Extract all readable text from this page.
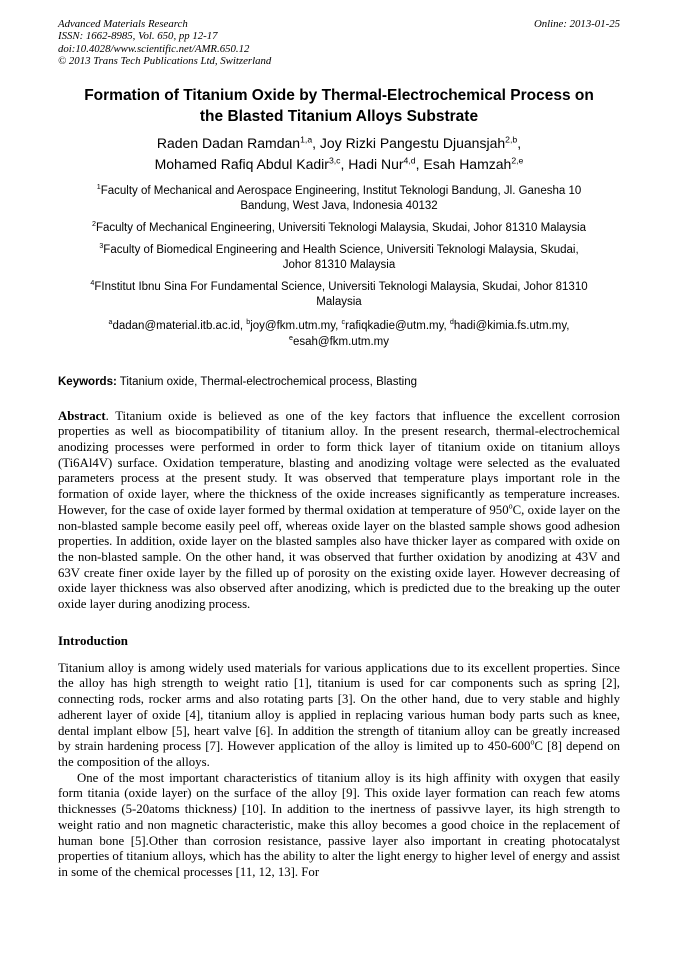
Advanced Materials Research
ISSN: 1662-8985, Vol. 650, pp 12-17
doi:10.4028/www.scientific.net/AMR.650.12
© 2013 Trans Tech Publications Ltd, Switzerland
Online: 2013-01-25
Formation of Titanium Oxide by Thermal-Electrochemical Process on
the Blasted Titanium Alloys Substrate
Raden Dadan Ramdan$^{1,a}$, Joy Rizki Pangestu Djuansjah$^{2,b}$,
Mohamed Rafiq Abdul Kadir$^{3,c}$, Hadi Nur$^{4,d}$, Esah Hamzah$^{2,e}$
$^1$Faculty of Mechanical and Aerospace Engineering, Institut Teknologi Bandung, Jl. Ganesha 10
Bandung, West Java, Indonesia 40132
$^2$Faculty of Mechanical Engineering, Universiti Teknologi Malaysia, Skudai, Johor 81310 Malaysia
$^3$Faculty of Biomedical Engineering and Health Science, Universiti Teknologi Malaysia, Skudai,
Johor 81310 Malaysia
$^4$FInstitut Ibnu Sina For Fundamental Science, Universiti Teknologi Malaysia, Skudai, Johor 81310
Malaysia
$^a$dadan@material.itb.ac.id, $^b$joy@fkm.utm.my, $^c$rafiqkadie@utm.my, $^d$hadi@kimia.fs.utm.my,
$^e$esah@fkm.utm.my

Keywords: Titanium oxide, Thermal-electrochemical process, Blasting

Abstract. Titanium oxide is believed as one of the key factors that influence the excellent corrosion properties as well as biocompatibility of titanium alloy. In the present research, thermal-electrochemical anodizing processes were performed in order to form thick layer of titanium oxide on titanium alloys (Ti6Al4V) surface. Oxidation temperature, blasting and anodizing voltage were selected as the evaluated parameters process at the present study. It was observed that temperature plays important role in the formation of oxide layer, where the thickness of the oxide increases significantly as temperature increases. However, for the case of oxide layer formed by thermal oxidation at temperature of 950$^o$C, oxide layer on the non-blasted sample become easily peel off, whereas oxide layer on the blasted sample shows good adhesion properties. In addition, oxide layer on the blasted samples also have thicker layer as compared with oxide on the non-blasted sample. On the other hand, it was observed that further oxidation by anodizing at 43V and 63V create finer oxide layer by the filled up of porosity on the existing oxide layer. However decreasing of oxide layer thickness was also observed after anodizing, which is predicted due to the breaking up the outer oxide layer during anodizing process.

Introduction

Titanium alloy is among widely used materials for various applications due to its excellent properties. Since the alloy has high strength to weight ratio [1], titanium is used for car components such as spring [2], connecting rods, rocker arms and also rotating parts [3]. On the other hand, due to very stable and highly adherent layer of oxide [4], titanium alloy is applied in replacing various human body parts such as knee, dental implant elbow [5], heart valve [6]. In addition the strength of titanium alloy can be greatly increased by strain hardening process [7]. However application of the alloy is limited up to 450-600$^o$C [8] depend on the composition of the alloys.

One of the most important characteristics of titanium alloy is its high affinity with oxygen that easily form titania (oxide layer) on the surface of the alloy [9]. This oxide layer formation can reach few atoms thicknesses (5-20atoms thickness) [10]. In addition to the inertness of passivve layer, its high strength to weight ratio and non magnetic characteristic, make this alloy becomes a good choice in the replacement of human bone [5].Other than corrosion resistance, passive layer also important in creating photocatalyst properties of titanium alloys, which has the ability to alter the light energy to higher level of energy and assist in some of the chemical processes [11, 12, 13]. For
